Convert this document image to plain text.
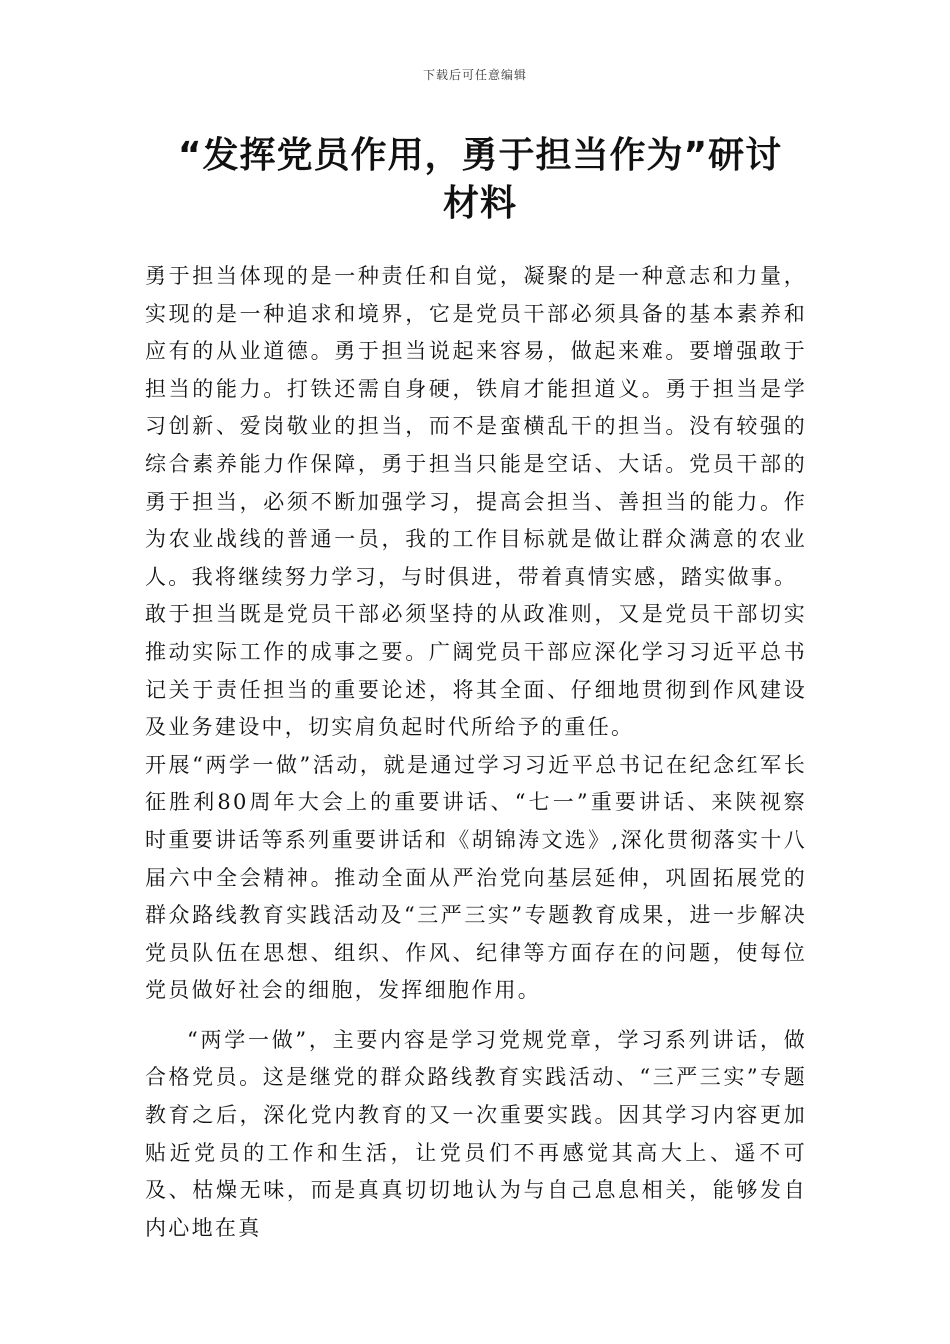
下载后可任意编辑
“发挥党员作用，勇于担当作为”研讨材料

勇于担当体现的是一种责任和自觉，凝聚的是一种意志和力量，实现的是一种追求和境界，它是党员干部必须具备的基本素养和应有的从业道德。勇于担当说起来容易，做起来难。要增强敢于担当的能力。打铁还需自身硬，铁肩才能担道义。勇于担当是学习创新、爱岗敬业的担当，而不是蛮横乱干的担当。没有较强的综合素养能力作保障，勇于担当只能是空话、大话。党员干部的勇于担当，必须不断加强学习，提高会担当、善担当的能力。作为农业战线的普通一员，我的工作目标就是做让群众满意的农业人。我将继续努力学习，与时俱进，带着真情实感，踏实做事。

敢于担当既是党员干部必须坚持的从政准则，又是党员干部切实推动实际工作的成事之要。广阔党员干部应深化学习习近平总书记关于责任担当的重要论述，将其全面、仔细地贯彻到作风建设及业务建设中，切实肩负起时代所给予的重任。

开展“两学一做”活动，就是通过学习习近平总书记在纪念红军长征胜利80周年大会上的重要讲话、“七一”重要讲话、来陕视察时重要讲话等系列重要讲话和《胡锦涛文选》,深化贯彻落实十八届六中全会精神。推动全面从严治党向基层延伸，巩固拓展党的群众路线教育实践活动及“三严三实”专题教育成果，进一步解决党员队伍在思想、组织、作风、纪律等方面存在的问题，使每位党员做好社会的细胞，发挥细胞作用。

“两学一做”，主要内容是学习党规党章，学习系列讲话，做合格党员。这是继党的群众路线教育实践活动、“三严三实”专题教育之后，深化党内教育的又一次重要实践。因其学习内容更加贴近党员的工作和生活，让党员们不再感觉其高大上、遥不可及、枯燥无味，而是真真切切地认为与自己息息相关，能够发自内心地在真
